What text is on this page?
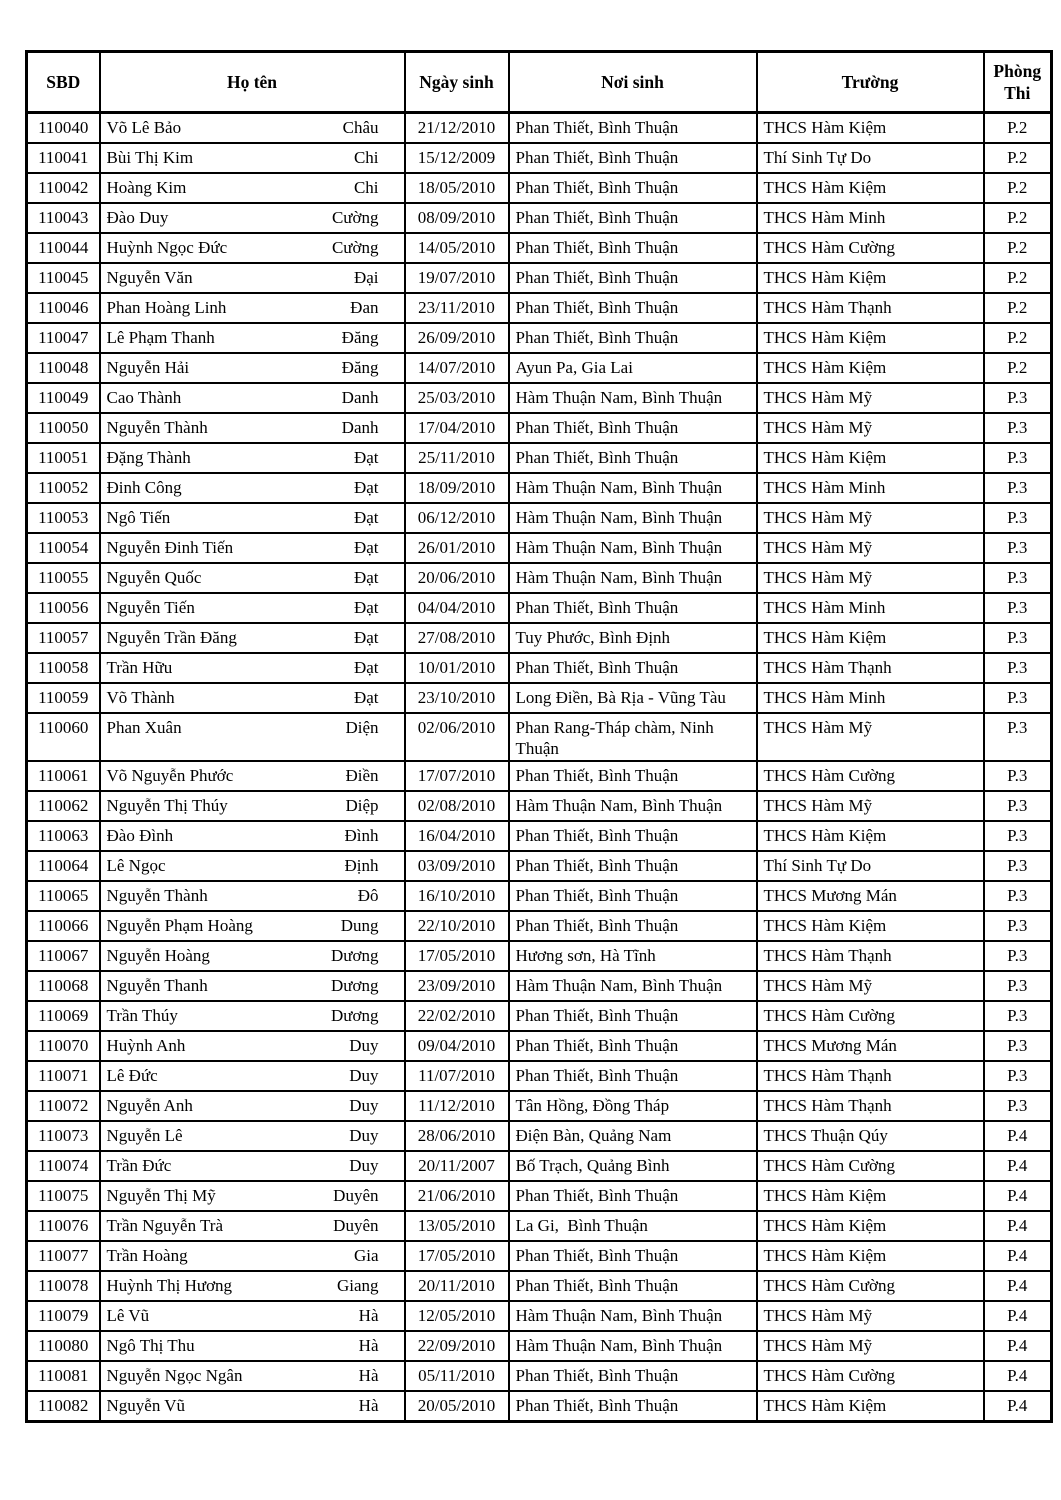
SBD	Họ tên	Ngày sinh	Nơi sinh	Trường	Phòng Thi
110040	Võ Lê Bảo Châu	21/12/2010	Phan Thiết, Bình Thuận	THCS Hàm Kiệm	P.2
110041	Bùi Thị Kim Chi	15/12/2009	Phan Thiết, Bình Thuận	Thí Sinh Tự Do	P.2
110042	Hoàng Kim Chi	18/05/2010	Phan Thiết, Bình Thuận	THCS Hàm Kiệm	P.2
110043	Đào Duy Cường	08/09/2010	Phan Thiết, Bình Thuận	THCS Hàm Minh	P.2
110044	Huỳnh Ngọc Đức Cường	14/05/2010	Phan Thiết, Bình Thuận	THCS Hàm Cường	P.2
110045	Nguyễn Văn Đại	19/07/2010	Phan Thiết, Bình Thuận	THCS Hàm Kiệm	P.2
110046	Phan Hoàng Linh Đan	23/11/2010	Phan Thiết, Bình Thuận	THCS Hàm Thạnh	P.2
110047	Lê Phạm Thanh Đăng	26/09/2010	Phan Thiết, Bình Thuận	THCS Hàm Kiệm	P.2
110048	Nguyễn Hải Đăng	14/07/2010	Ayun Pa, Gia Lai	THCS Hàm Kiệm	P.2
110049	Cao Thành Danh	25/03/2010	Hàm Thuận Nam, Bình Thuận	THCS Hàm Mỹ	P.3
110050	Nguyễn Thành Danh	17/04/2010	Phan Thiết, Bình Thuận	THCS Hàm Mỹ	P.3
110051	Đặng Thành Đạt	25/11/2010	Phan Thiết, Bình Thuận	THCS Hàm Kiệm	P.3
110052	Đinh Công Đạt	18/09/2010	Hàm Thuận Nam, Bình Thuận	THCS Hàm Minh	P.3
110053	Ngô Tiến Đạt	06/12/2010	Hàm Thuận Nam, Bình Thuận	THCS Hàm Mỹ	P.3
110054	Nguyễn Đinh Tiến Đạt	26/01/2010	Hàm Thuận Nam, Bình Thuận	THCS Hàm Mỹ	P.3
110055	Nguyễn Quốc Đạt	20/06/2010	Hàm Thuận Nam, Bình Thuận	THCS Hàm Mỹ	P.3
110056	Nguyễn Tiến Đạt	04/04/2010	Phan Thiết, Bình Thuận	THCS Hàm Minh	P.3
110057	Nguyễn Trần Đăng Đạt	27/08/2010	Tuy Phước, Bình Định	THCS Hàm Kiệm	P.3
110058	Trần Hữu Đạt	10/01/2010	Phan Thiết, Bình Thuận	THCS Hàm Thạnh	P.3
110059	Võ Thành Đạt	23/10/2010	Long Điền, Bà Rịa - Vũng Tàu	THCS Hàm Minh	P.3
110060	Phan Xuân Diện	02/06/2010	Phan Rang-Tháp chàm, Ninh Thuận	THCS Hàm Mỹ	P.3
110061	Võ Nguyễn Phước Điền	17/07/2010	Phan Thiết, Bình Thuận	THCS Hàm Cường	P.3
110062	Nguyễn Thị Thúy Diệp	02/08/2010	Hàm Thuận Nam, Bình Thuận	THCS Hàm Mỹ	P.3
110063	Đào Đình Đình	16/04/2010	Phan Thiết, Bình Thuận	THCS Hàm Kiệm	P.3
110064	Lê Ngọc Định	03/09/2010	Phan Thiết, Bình Thuận	Thí Sinh Tự Do	P.3
110065	Nguyễn Thành Đô	16/10/2010	Phan Thiết, Bình Thuận	THCS Mương Mán	P.3
110066	Nguyễn Phạm Hoàng Dung	22/10/2010	Phan Thiết, Bình Thuận	THCS Hàm Kiệm	P.3
110067	Nguyễn Hoàng Dương	17/05/2010	Hương sơn, Hà Tĩnh	THCS Hàm Thạnh	P.3
110068	Nguyễn Thanh Dương	23/09/2010	Hàm Thuận Nam, Bình Thuận	THCS Hàm Mỹ	P.3
110069	Trần Thúy Dương	22/02/2010	Phan Thiết, Bình Thuận	THCS Hàm Cường	P.3
110070	Huỳnh Anh Duy	09/04/2010	Phan Thiết, Bình Thuận	THCS Mương Mán	P.3
110071	Lê Đức Duy	11/07/2010	Phan Thiết, Bình Thuận	THCS Hàm Thạnh	P.3
110072	Nguyễn Anh Duy	11/12/2010	Tân Hồng, Đồng Tháp	THCS Hàm Thạnh	P.3
110073	Nguyễn Lê Duy	28/06/2010	Điện Bàn, Quảng Nam	THCS Thuận Qúy	P.4
110074	Trần Đức Duy	20/11/2007	Bố Trạch, Quảng Bình	THCS Hàm Cường	P.4
110075	Nguyễn Thị Mỹ Duyên	21/06/2010	Phan Thiết, Bình Thuận	THCS Hàm Kiệm	P.4
110076	Trần Nguyễn Trà Duyên	13/05/2010	La Gi,  Bình Thuận	THCS Hàm Kiệm	P.4
110077	Trần Hoàng Gia	17/05/2010	Phan Thiết, Bình Thuận	THCS Hàm Kiệm	P.4
110078	Huỳnh Thị Hương Giang	20/11/2010	Phan Thiết, Bình Thuận	THCS Hàm Cường	P.4
110079	Lê Vũ Hà	12/05/2010	Hàm Thuận Nam, Bình Thuận	THCS Hàm Mỹ	P.4
110080	Ngô Thị Thu Hà	22/09/2010	Hàm Thuận Nam, Bình Thuận	THCS Hàm Mỹ	P.4
110081	Nguyễn Ngọc Ngân Hà	05/11/2010	Phan Thiết, Bình Thuận	THCS Hàm Cường	P.4
110082	Nguyễn Vũ Hà	20/05/2010	Phan Thiết, Bình Thuận	THCS Hàm Kiệm	P.4
